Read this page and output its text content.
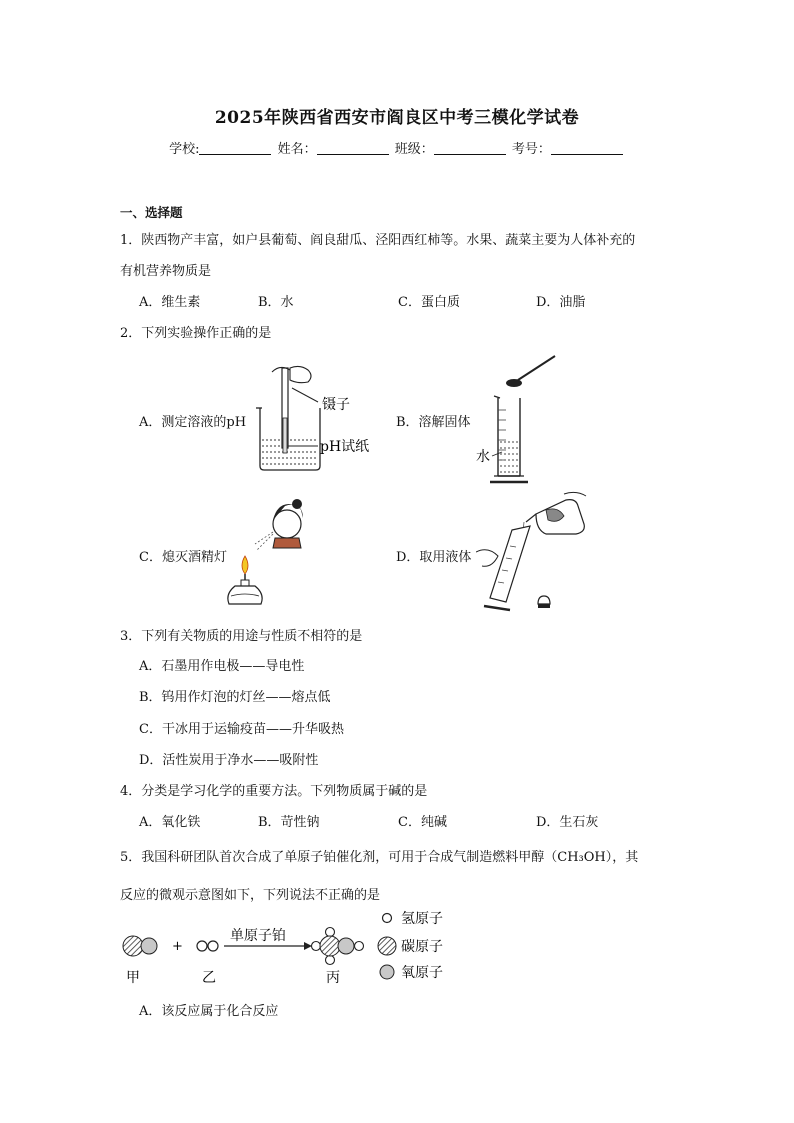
2025年陕西省西安市阎良区中考三模化学试卷
学校:	姓名：	班级：	考号：
一、选择题
1．陕西物产丰富，如户县葡萄、阎良甜瓜、泾阳西红柿等。水果、蔬菜主要为人体补充的
有机营养物质是
A．维生素	B．水	C．蛋白质	D．油脂
2．下列实验操作正确的是
A．测定溶液的pH	B．溶解固体
C．熄灭酒精灯	D．取用液体
镊子
pH试纸
水
3．下列有关物质的用途与性质不相符的是
A．石墨用作电极——导电性
B．钨用作灯泡的灯丝——熔点低
C．干冰用于运输疫苗——升华吸热
D．活性炭用于净水——吸附性
4．分类是学习化学的重要方法。下列物质属于碱的是
A．氧化铁	B．苛性钠	C．纯碱	D．生石灰
5．我国科研团队首次合成了单原子铂催化剂，可用于合成气制造燃料甲醇（CH₃OH），其
反应的微观示意图如下，下列说法不正确的是
+
单原子铂
甲	乙	丙
氢原子
碳原子
氧原子
A．该反应属于化合反应
